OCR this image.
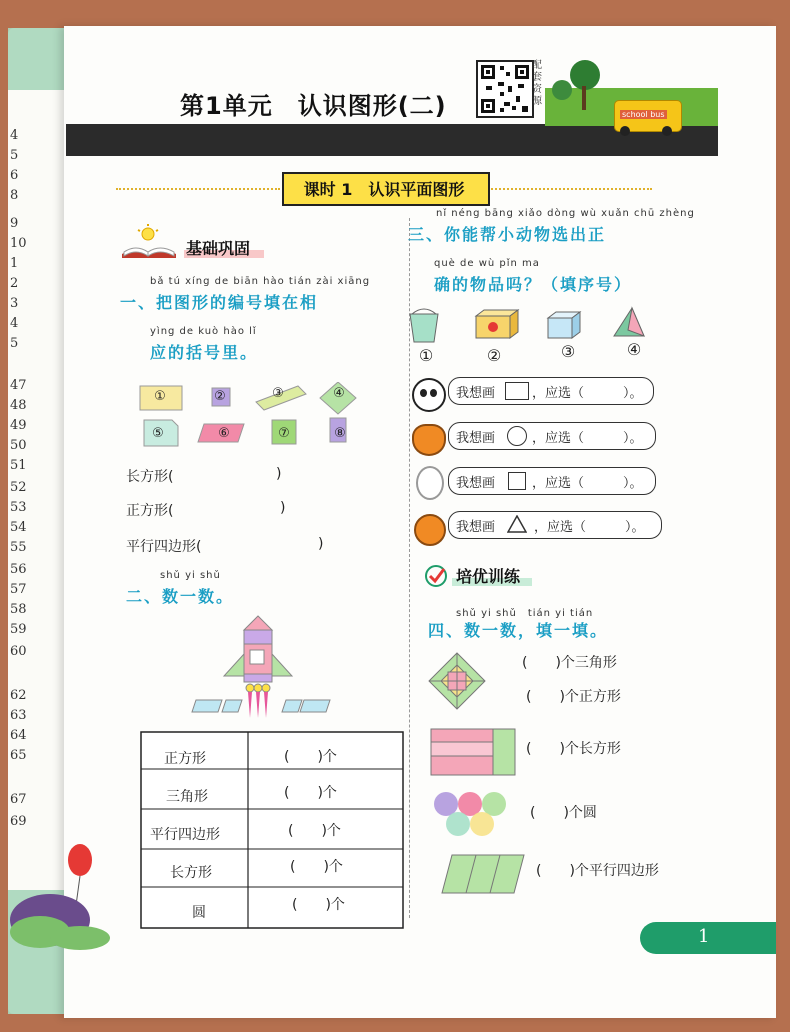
4
5
6
8
9
10
1
2
3
4
5
47
48
49
50
51
52
53
54
55
56
57
58
59
60
62
63
64
65
67
69
school bus
第1单元　认识图形(二)
配套资源
课时 1　认识平面图形
基础巩固
bǎ tú xíng de biān hào tián zài xiāng
一、把图形的编号填在相
yìng de kuò hào lǐ
应的括号里。
①	②	③	④
⑤	⑥	⑦	⑧
长方形(	)
正方形(	)
平行四边形(	)
shǔ yi shǔ
二、数一数。
正方形	(　　)个
三角形	(　　)个
平行四边形	(　　)个
长方形	(　　)个
圆	(　　)个
nǐ néng bāng xiǎo dòng wù xuǎn chū zhèng
三、你能帮小动物选出正
què de wù pǐn ma
确的物品吗？（填序号）
①	②	③	④
我想画	，应选（　　　）。
我想画	，应选（　　　）。
我想画	，应选（　　　）。
我想画	，应选（　　　）。
培优训练
shǔ yi shǔ　tián yi tián
四、数一数，填一填。
(　　)个三角形
(　　)个正方形
(　　)个长方形
(　　)个圆
(　　)个平行四边形
1
